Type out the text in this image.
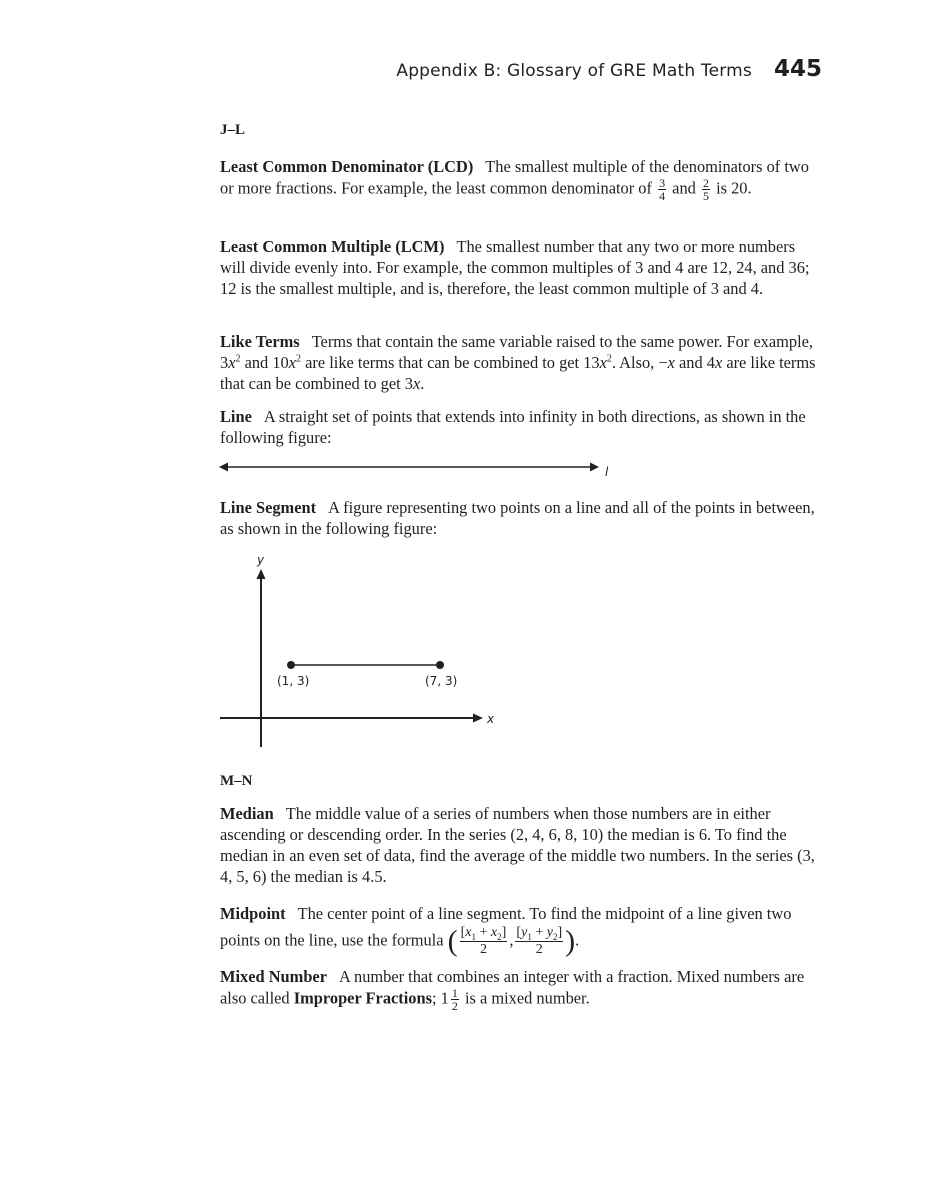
Appendix B: Glossary of GRE Math Terms 445
J–L
Least Common Denominator (LCD) The smallest multiple of the denominators of two or more fractions. For example, the least common denominator of $\frac{3}{4}$ and $\frac{2}{5}$ is 20.
Least Common Multiple (LCM) The smallest number that any two or more numbers will divide evenly into. For example, the common multiples of 3 and 4 are 12, 24, and 36; 12 is the smallest multiple, and is, therefore, the least common multiple of 3 and 4.
Like Terms Terms that contain the same variable raised to the same power. For example, $3x^2$ and $10x^2$ are like terms that can be combined to get $13x^2$. Also, −x and 4x are like terms that can be combined to get 3x.
Line A straight set of points that extends into infinity in both directions, as shown in the following figure:
l
Line Segment A figure representing two points on a line and all of the points in between, as shown in the following figure:
y
x
(1, 3)	(7, 3)
M–N
Median The middle value of a series of numbers when those numbers are in either ascending or descending order. In the series (2, 4, 6, 8, 10) the median is 6. To find the median in an even set of data, find the average of the middle two numbers. In the series (3, 4, 5, 6) the median is 4.5.
Midpoint The center point of a line segment. To find the midpoint of a line given two points on the line, use the formula ( $\frac{[x_1 + x_2]}{2}$ , $\frac{[y_1 + y_2]}{2}$ ).
Mixed Number A number that combines an integer with a fraction. Mixed numbers are also called Improper Fractions; $1 \frac{1}{2}$ is a mixed number.
